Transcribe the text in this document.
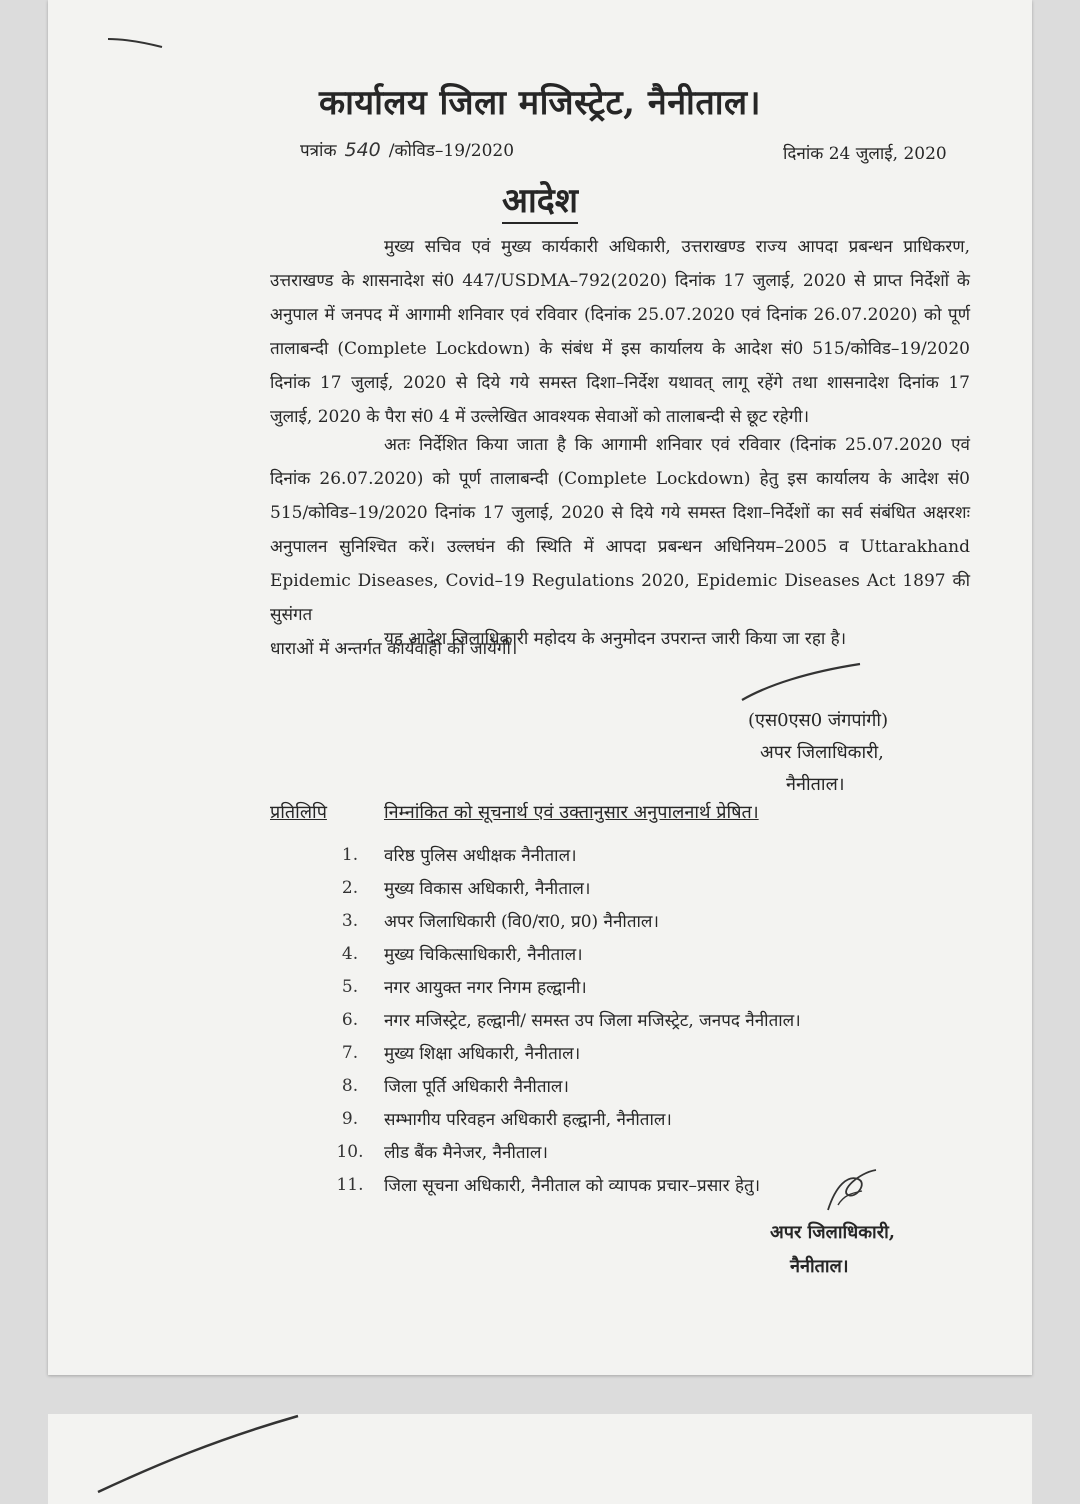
कार्यालय जिला मजिस्ट्रेट, नैनीताल।
पत्रांक 540 /कोविड–19/2020	दिनांक 24 जुलाई, 2020
आदेश
मुख्य सचिव एवं मुख्य कार्यकारी अधिकारी, उत्तराखण्ड राज्य आपदा प्रबन्धन प्राधिकरण,
उत्तराखण्ड के शासनादेश सं0 447/USDMA–792(2020) दिनांक 17 जुलाई, 2020 से प्राप्त निर्देशों के
अनुपाल में जनपद में आगामी शनिवार एवं रविवार (दिनांक 25.07.2020 एवं दिनांक 26.07.2020) को पूर्ण
तालाबन्दी (Complete Lockdown) के संबंध में इस कार्यालय के आदेश सं0 515/कोविड–19/2020
दिनांक 17 जुलाई, 2020 से दिये गये समस्त दिशा–निर्देश यथावत् लागू रहेंगे तथा शासनादेश दिनांक 17
जुलाई, 2020 के पैरा सं0 4 में उल्लेखित आवश्यक सेवाओं को तालाबन्दी से छूट रहेगी।
अतः निर्देशित किया जाता है कि आगामी शनिवार एवं रविवार (दिनांक 25.07.2020 एवं
दिनांक 26.07.2020) को पूर्ण तालाबन्दी (Complete Lockdown) हेतु इस कार्यालय के आदेश सं0
515/कोविड–19/2020 दिनांक 17 जुलाई, 2020 से दिये गये समस्त दिशा–निर्देशों का सर्व संबंधित अक्षरशः
अनुपालन सुनिश्चित करें। उल्लघंन की स्थिति में आपदा प्रबन्धन अधिनियम–2005 व Uttarakhand
Epidemic Diseases, Covid–19 Regulations 2020, Epidemic Diseases Act 1897 की सुसंगत
धाराओं में अन्तर्गत कार्यवाही की जायेगी।
यह आदेश जिलाधिकारी महोदय के अनुमोदन उपरान्त जारी किया जा रहा है।
(एस0एस0 जंगपांगी)
अपर जिलाधिकारी,
नैनीताल।
प्रतिलिपि	निम्नांकित को सूचनार्थ एवं उक्तानुसार अनुपालनार्थ प्रेषित।
1.	वरिष्ठ पुलिस अधीक्षक नैनीताल।
2.	मुख्य विकास अधिकारी, नैनीताल।
3.	अपर जिलाधिकारी (वि0/रा0, प्र0) नैनीताल।
4.	मुख्य चिकित्साधिकारी, नैनीताल।
5.	नगर आयुक्त नगर निगम हल्द्वानी।
6.	नगर मजिस्ट्रेट, हल्द्वानी/ समस्त उप जिला मजिस्ट्रेट, जनपद नैनीताल।
7.	मुख्य शिक्षा अधिकारी, नैनीताल।
8.	जिला पूर्ति अधिकारी नैनीताल।
9.	सम्भागीय परिवहन अधिकारी हल्द्वानी, नैनीताल।
10.	लीड बैंक मैनेजर, नैनीताल।
11.	जिला सूचना अधिकारी, नैनीताल को व्यापक प्रचार–प्रसार हेतु।
अपर जिलाधिकारी,
नैनीताल।
